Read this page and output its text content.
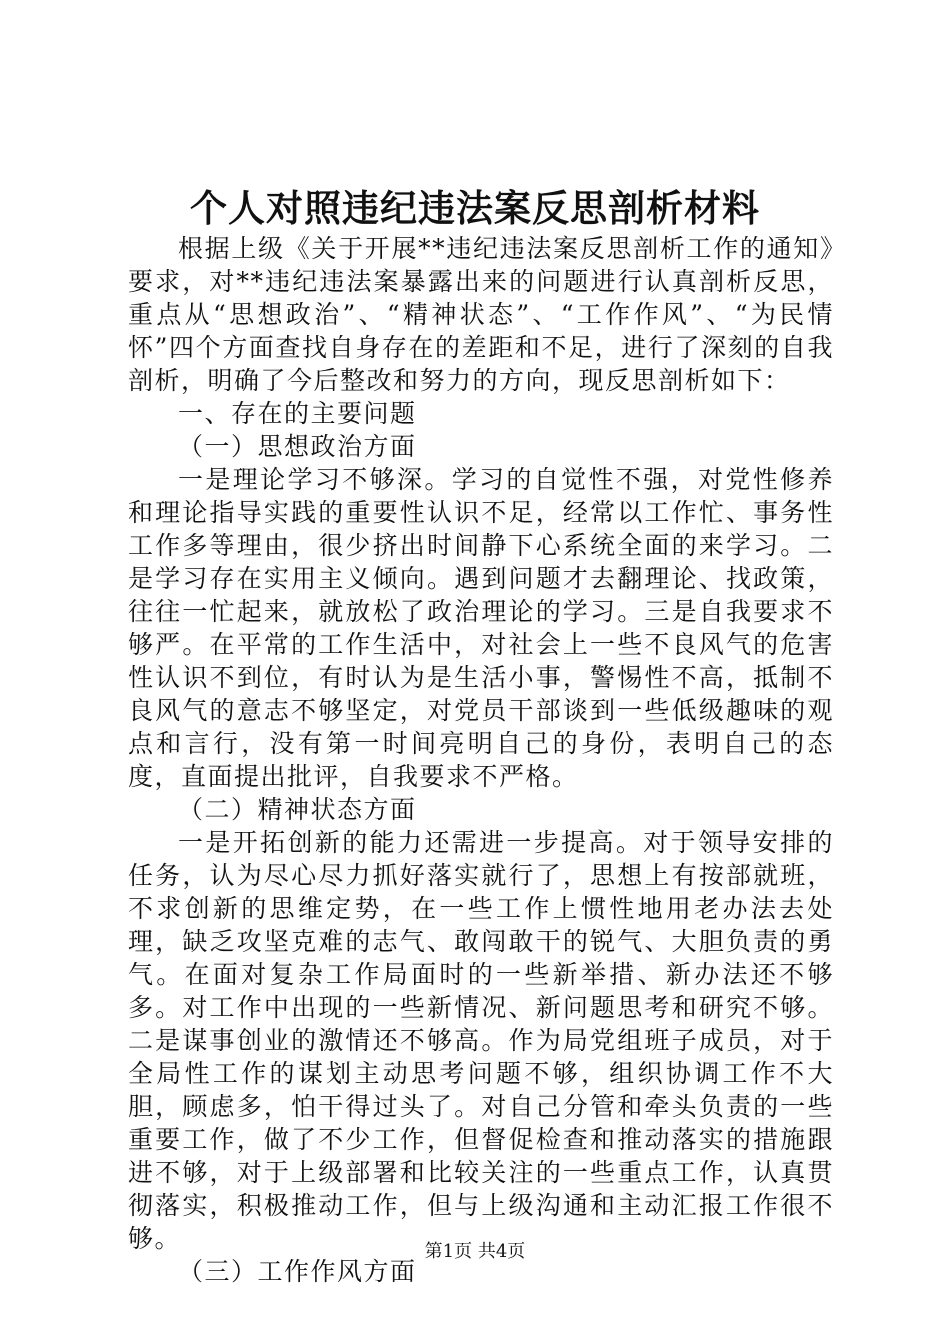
个人对照违纪违法案反思剖析材料

根据上级《关于开展**违纪违法案反思剖析工作的通知》要求，对**违纪违法案暴露出来的问题进行认真剖析反思，重点从“思想政治”、“精神状态”、“工作作风”、“为民情怀”四个方面查找自身存在的差距和不足，进行了深刻的自我剖析，明确了今后整改和努力的方向，现反思剖析如下：

一、存在的主要问题

（一）思想政治方面

一是理论学习不够深。学习的自觉性不强，对党性修养和理论指导实践的重要性认识不足，经常以工作忙、事务性工作多等理由，很少挤出时间静下心系统全面的来学习。二是学习存在实用主义倾向。遇到问题才去翻理论、找政策，往往一忙起来，就放松了政治理论的学习。三是自我要求不够严。在平常的工作生活中，对社会上一些不良风气的危害性认识不到位，有时认为是生活小事，警惕性不高，抵制不良风气的意志不够坚定，对党员干部谈到一些低级趣味的观点和言行，没有第一时间亮明自己的身份，表明自己的态度，直面提出批评，自我要求不严格。

（二）精神状态方面

一是开拓创新的能力还需进一步提高。对于领导安排的任务，认为尽心尽力抓好落实就行了，思想上有按部就班，不求创新的思维定势，在一些工作上惯性地用老办法去处理，缺乏攻坚克难的志气、敢闯敢干的锐气、大胆负责的勇气。在面对复杂工作局面时的一些新举措、新办法还不够多。对工作中出现的一些新情况、新问题思考和研究不够。二是谋事创业的激情还不够高。作为局党组班子成员，对于全局性工作的谋划主动思考问题不够，组织协调工作不大胆，顾虑多，怕干得过头了。对自己分管和牵头负责的一些重要工作，做了不少工作，但督促检查和推动落实的措施跟进不够，对于上级部署和比较关注的一些重点工作，认真贯彻落实，积极推动工作，但与上级沟通和主动汇报工作很不够。

（三）工作作风方面

第1页 共4页
